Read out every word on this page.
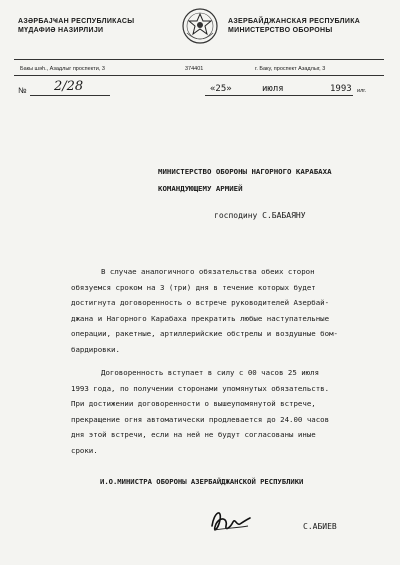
АЗӘРБАЈҸАН РЕСПУБЛИКАСЫ
МҮДАФИӘ НАЗИРЛИЈИ
АЗЕРБАЙДЖАНСКАЯ РЕСПУБЛИКА
МИНИСТЕРСТВО ОБОРОНЫ
Бакы шәһ., Азадлыг проспекти, 3	374401	г. Баку, проспект Азадлыг, 3
№ 2/28	«25»	июля	1993 илг.
МИНИСТЕРСТВО ОБОРОНЫ НАГОРНОГО КАРАБАХА
КОМАНДУЮЩЕМУ АРМИЕЙ
господину С.БАБАЯНУ
В случае аналогичного обязательства обеих сторон
обязуемся сроком на 3 (три) дня в течение которых будет
достигнута договоренность о встрече руководителей Азербай-
джана и Нагорного Карабаха прекратить любые наступательные
операции, ракетные, артиллерийские обстрелы и воздушные бом-
бардировки.
Договоренность вступает в силу с 00 часов 25 июля
1993 года, по получении сторонами упомянутых обязательств.
При достижении договоренности о вышеупомянутой встрече,
прекращение огня автоматически продлевается до 24.00 часов
дня этой встречи, если на ней не будут согласованы иные
сроки.
И.О.МИНИСТРА ОБОРОНЫ АЗЕРБАЙДЖАНСКОЙ РЕСПУБЛИКИ
С.АБИЕВ
